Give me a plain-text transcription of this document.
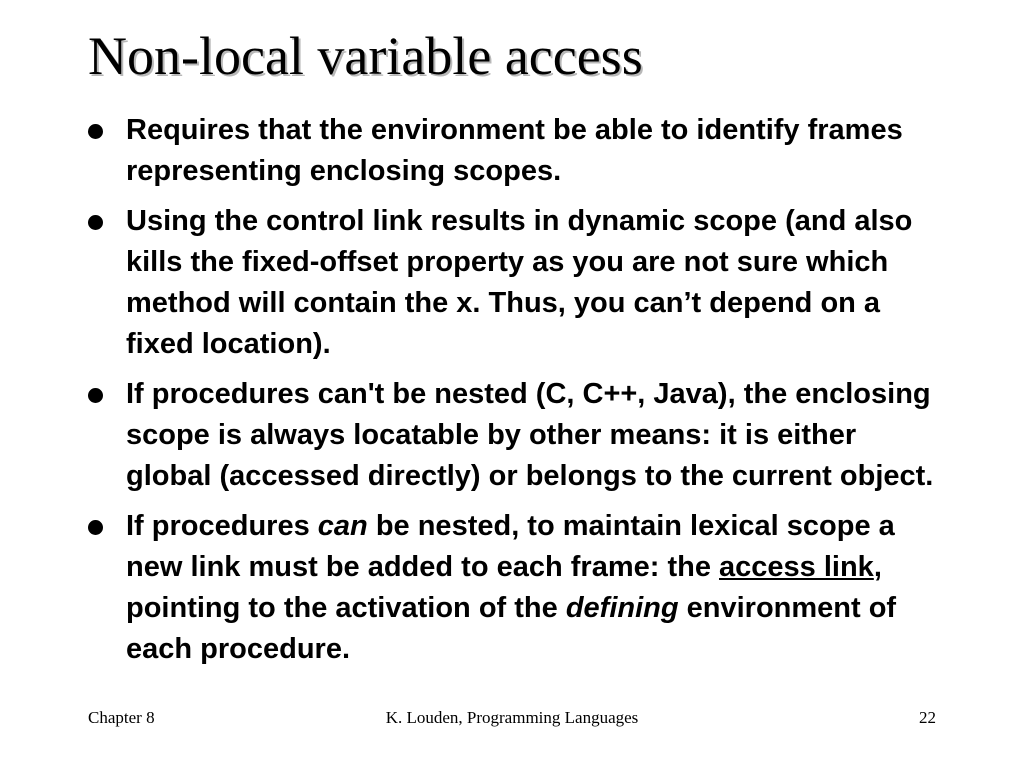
Non-local variable access
Requires that the environment be able to identify frames representing enclosing scopes.
Using the control link results in dynamic scope (and also kills the fixed-offset property as you are not sure which method will contain the x. Thus, you can’t depend on a fixed location).
If procedures can't be nested (C, C++, Java), the enclosing scope is always locatable by other means: it is either global (accessed directly) or belongs to the current object.
If procedures can be nested, to maintain lexical scope a new link must be added to each frame: the access link, pointing to the activation of the defining environment of each procedure.
Chapter 8	K. Louden, Programming Languages	22
